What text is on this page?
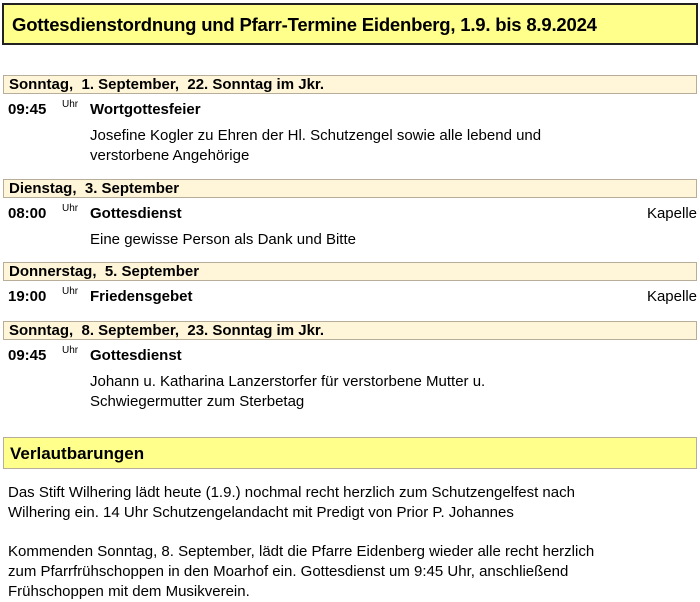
Gottesdienstordnung und Pfarr-Termine Eidenberg, 1.9. bis 8.9.2024
Sonntag,  1. September,  22. Sonntag im Jkr.
09:45 Uhr Wortgottesfeier
Josefine Kogler zu Ehren der Hl. Schutzengel sowie alle lebend und
verstorbene Angehörige
Dienstag,  3. September
08:00 Uhr Gottesdienst	Kapelle
Eine gewisse Person als Dank und Bitte
Donnerstag,  5. September
19:00 Uhr Friedensgebet	Kapelle
Sonntag,  8. September,  23. Sonntag im Jkr.
09:45 Uhr Gottesdienst
Johann u. Katharina Lanzerstorfer für verstorbene Mutter u.
Schwiegermutter zum Sterbetag
Verlautbarungen
Das Stift Wilhering lädt heute (1.9.) nochmal recht herzlich zum Schutzengelfest nach
Wilhering ein. 14 Uhr Schutzengelandacht mit Predigt von Prior P. Johannes
Kommenden Sonntag, 8. September, lädt die Pfarre Eidenberg wieder alle recht herzlich
zum Pfarrfrühschoppen in den Moarhof ein. Gottesdienst um 9:45 Uhr, anschließend
Frühschoppen mit dem Musikverein.
